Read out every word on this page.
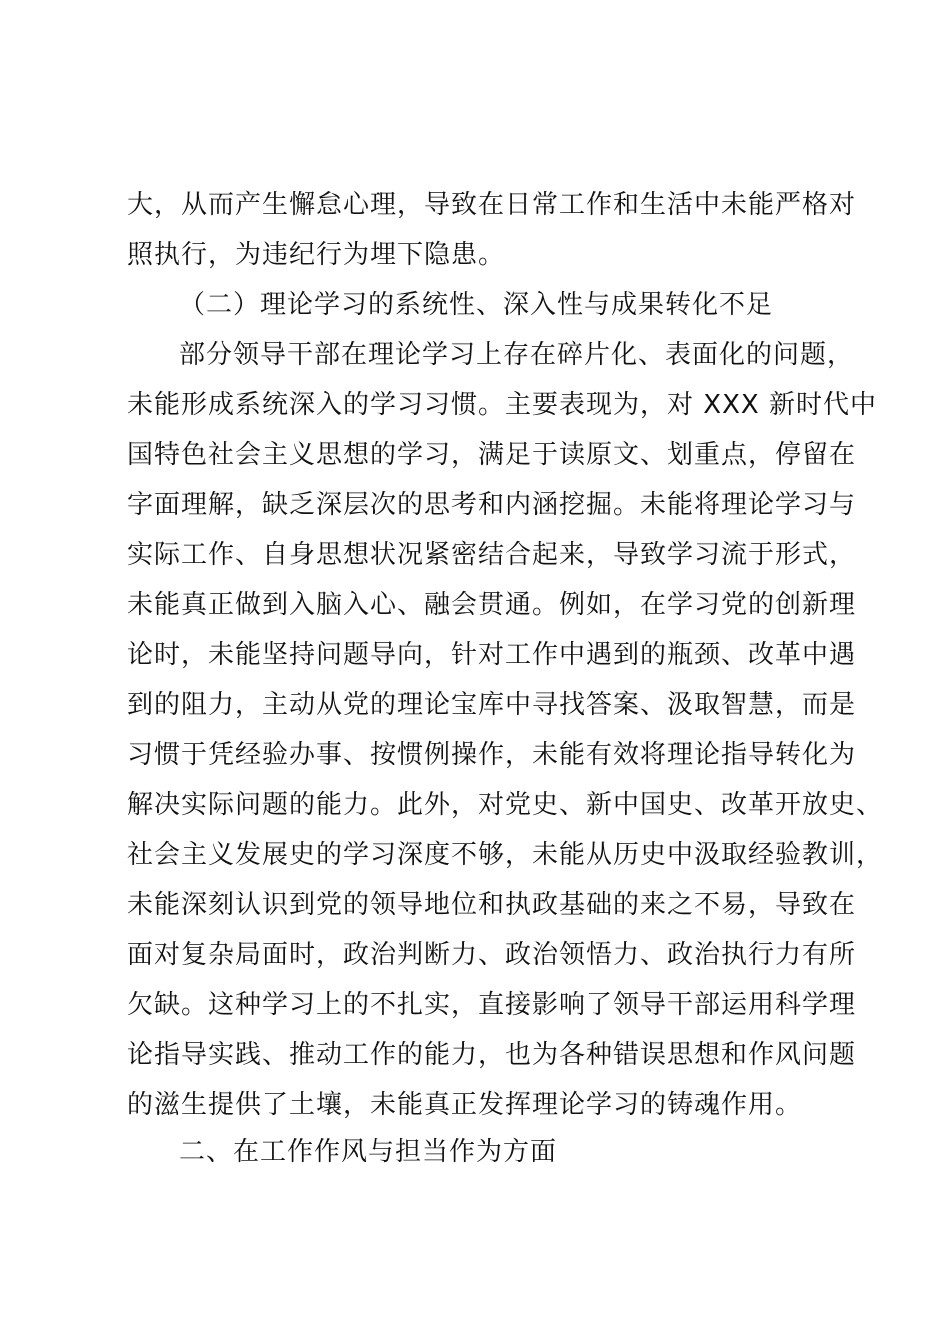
大，从而产生懈怠心理，导致在日常工作和生活中未能严格对
照执行，为违纪行为埋下隐患。
（二）理论学习的系统性、深入性与成果转化不足
部分领导干部在理论学习上存在碎片化、表面化的问题，
未能形成系统深入的学习习惯。主要表现为，对 XXX 新时代中
国特色社会主义思想的学习，满足于读原文、划重点，停留在
字面理解，缺乏深层次的思考和内涵挖掘。未能将理论学习与
实际工作、自身思想状况紧密结合起来，导致学习流于形式，
未能真正做到入脑入心、融会贯通。例如，在学习党的创新理
论时，未能坚持问题导向，针对工作中遇到的瓶颈、改革中遇
到的阻力，主动从党的理论宝库中寻找答案、汲取智慧，而是
习惯于凭经验办事、按惯例操作，未能有效将理论指导转化为
解决实际问题的能力。此外，对党史、新中国史、改革开放史、
社会主义发展史的学习深度不够，未能从历史中汲取经验教训，
未能深刻认识到党的领导地位和执政基础的来之不易，导致在
面对复杂局面时，政治判断力、政治领悟力、政治执行力有所
欠缺。这种学习上的不扎实，直接影响了领导干部运用科学理
论指导实践、推动工作的能力，也为各种错误思想和作风问题
的滋生提供了土壤，未能真正发挥理论学习的铸魂作用。
二、在工作作风与担当作为方面
